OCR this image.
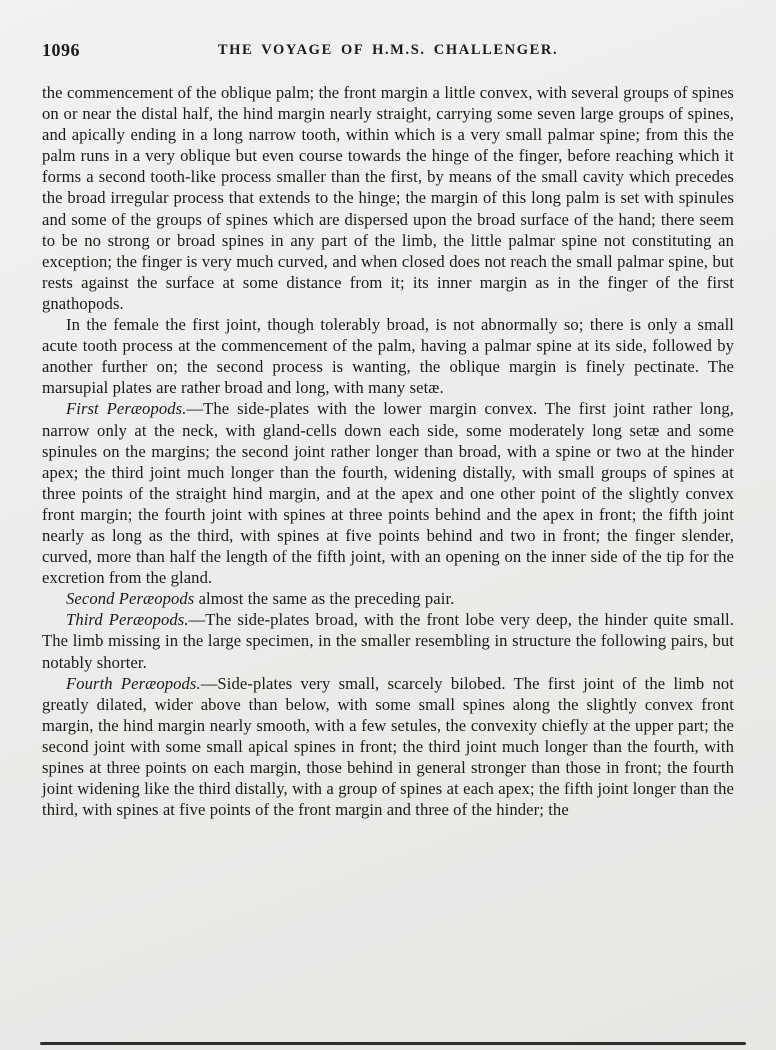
1096	THE VOYAGE OF H.M.S. CHALLENGER.

the commencement of the oblique palm; the front margin a little convex, with several groups of spines on or near the distal half, the hind margin nearly straight, carrying some seven large groups of spines, and apically ending in a long narrow tooth, within which is a very small palmar spine; from this the palm runs in a very oblique but even course towards the hinge of the finger, before reaching which it forms a second tooth-like process smaller than the first, by means of the small cavity which precedes the broad irregular process that extends to the hinge; the margin of this long palm is set with spinules and some of the groups of spines which are dispersed upon the broad surface of the hand; there seem to be no strong or broad spines in any part of the limb, the little palmar spine not constituting an exception; the finger is very much curved, and when closed does not reach the small palmar spine, but rests against the surface at some distance from it; its inner margin as in the finger of the first gnathopods.

In the female the first joint, though tolerably broad, is not abnormally so; there is only a small acute tooth process at the commencement of the palm, having a palmar spine at its side, followed by another further on; the second process is wanting, the oblique margin is finely pectinate. The marsupial plates are rather broad and long, with many setæ.

First Peræopods.—The side-plates with the lower margin convex. The first joint rather long, narrow only at the neck, with gland-cells down each side, some moderately long setæ and some spinules on the margins; the second joint rather longer than broad, with a spine or two at the hinder apex; the third joint much longer than the fourth, widening distally, with small groups of spines at three points of the straight hind margin, and at the apex and one other point of the slightly convex front margin; the fourth joint with spines at three points behind and the apex in front; the fifth joint nearly as long as the third, with spines at five points behind and two in front; the finger slender, curved, more than half the length of the fifth joint, with an opening on the inner side of the tip for the excretion from the gland.

Second Peræopods almost the same as the preceding pair.

Third Peræopods.—The side-plates broad, with the front lobe very deep, the hinder quite small. The limb missing in the large specimen, in the smaller resembling in structure the following pairs, but notably shorter.

Fourth Peræopods.—Side-plates very small, scarcely bilobed. The first joint of the limb not greatly dilated, wider above than below, with some small spines along the slightly convex front margin, the hind margin nearly smooth, with a few setules, the convexity chiefly at the upper part; the second joint with some small apical spines in front; the third joint much longer than the fourth, with spines at three points on each margin, those behind in general stronger than those in front; the fourth joint widening like the third distally, with a group of spines at each apex; the fifth joint longer than the third, with spines at five points of the front margin and three of the hinder; the
